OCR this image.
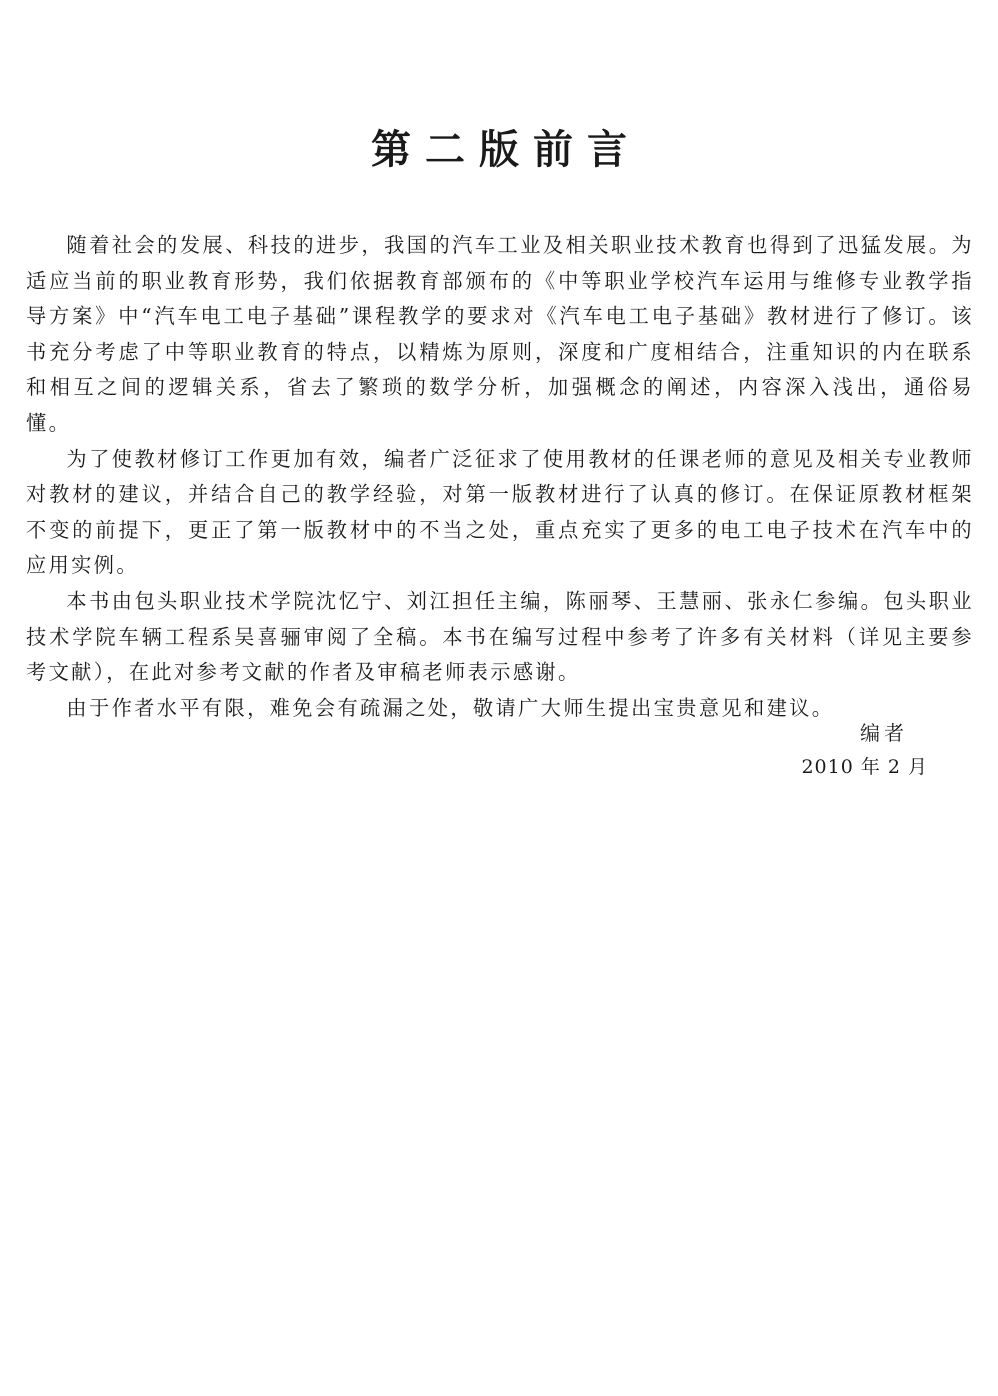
第二版前言

随着社会的发展、科技的进步，我国的汽车工业及相关职业技术教育也得到了迅猛发展。为适应当前的职业教育形势，我们依据教育部颁布的《中等职业学校汽车运用与维修专业教学指导方案》中“汽车电工电子基础”课程教学的要求对《汽车电工电子基础》教材进行了修订。该书充分考虑了中等职业教育的特点，以精炼为原则，深度和广度相结合，注重知识的内在联系和相互之间的逻辑关系，省去了繁琐的数学分析，加强概念的阐述，内容深入浅出，通俗易懂。

为了使教材修订工作更加有效，编者广泛征求了使用教材的任课老师的意见及相关专业教师对教材的建议，并结合自己的教学经验，对第一版教材进行了认真的修订。在保证原教材框架不变的前提下，更正了第一版教材中的不当之处，重点充实了更多的电工电子技术在汽车中的应用实例。

本书由包头职业技术学院沈忆宁、刘江担任主编，陈丽琴、王慧丽、张永仁参编。包头职业技术学院车辆工程系吴喜骊审阅了全稿。本书在编写过程中参考了许多有关材料（详见主要参考文献），在此对参考文献的作者及审稿老师表示感谢。

由于作者水平有限，难免会有疏漏之处，敬请广大师生提出宝贵意见和建议。

编者
2010 年 2 月
